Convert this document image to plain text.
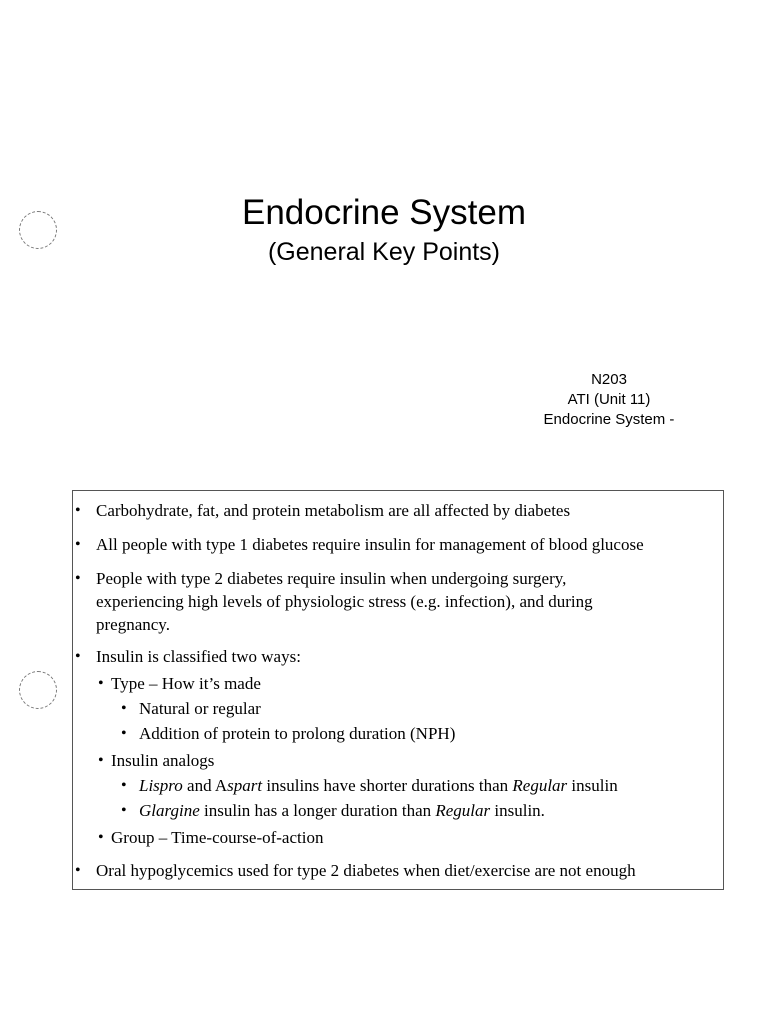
Endocrine System
(General Key Points)
N203
ATI (Unit 11)
Endocrine System -
• Carbohydrate, fat, and protein metabolism are all affected by diabetes
• All people with type 1 diabetes require insulin for management of blood glucose
• People with type 2 diabetes require insulin when undergoing surgery,
experiencing high levels of physiologic stress (e.g. infection), and during
pregnancy.
• Insulin is classified two ways:
• Type – How it’s made
• Natural or regular
• Addition of protein to prolong duration (NPH)
• Insulin analogs
• Lispro and Aspart insulins have shorter durations than Regular insulin
• Glargine insulin has a longer duration than Regular insulin.
• Group – Time-course-of-action
• Oral hypoglycemics used for type 2 diabetes when diet/exercise are not enough
